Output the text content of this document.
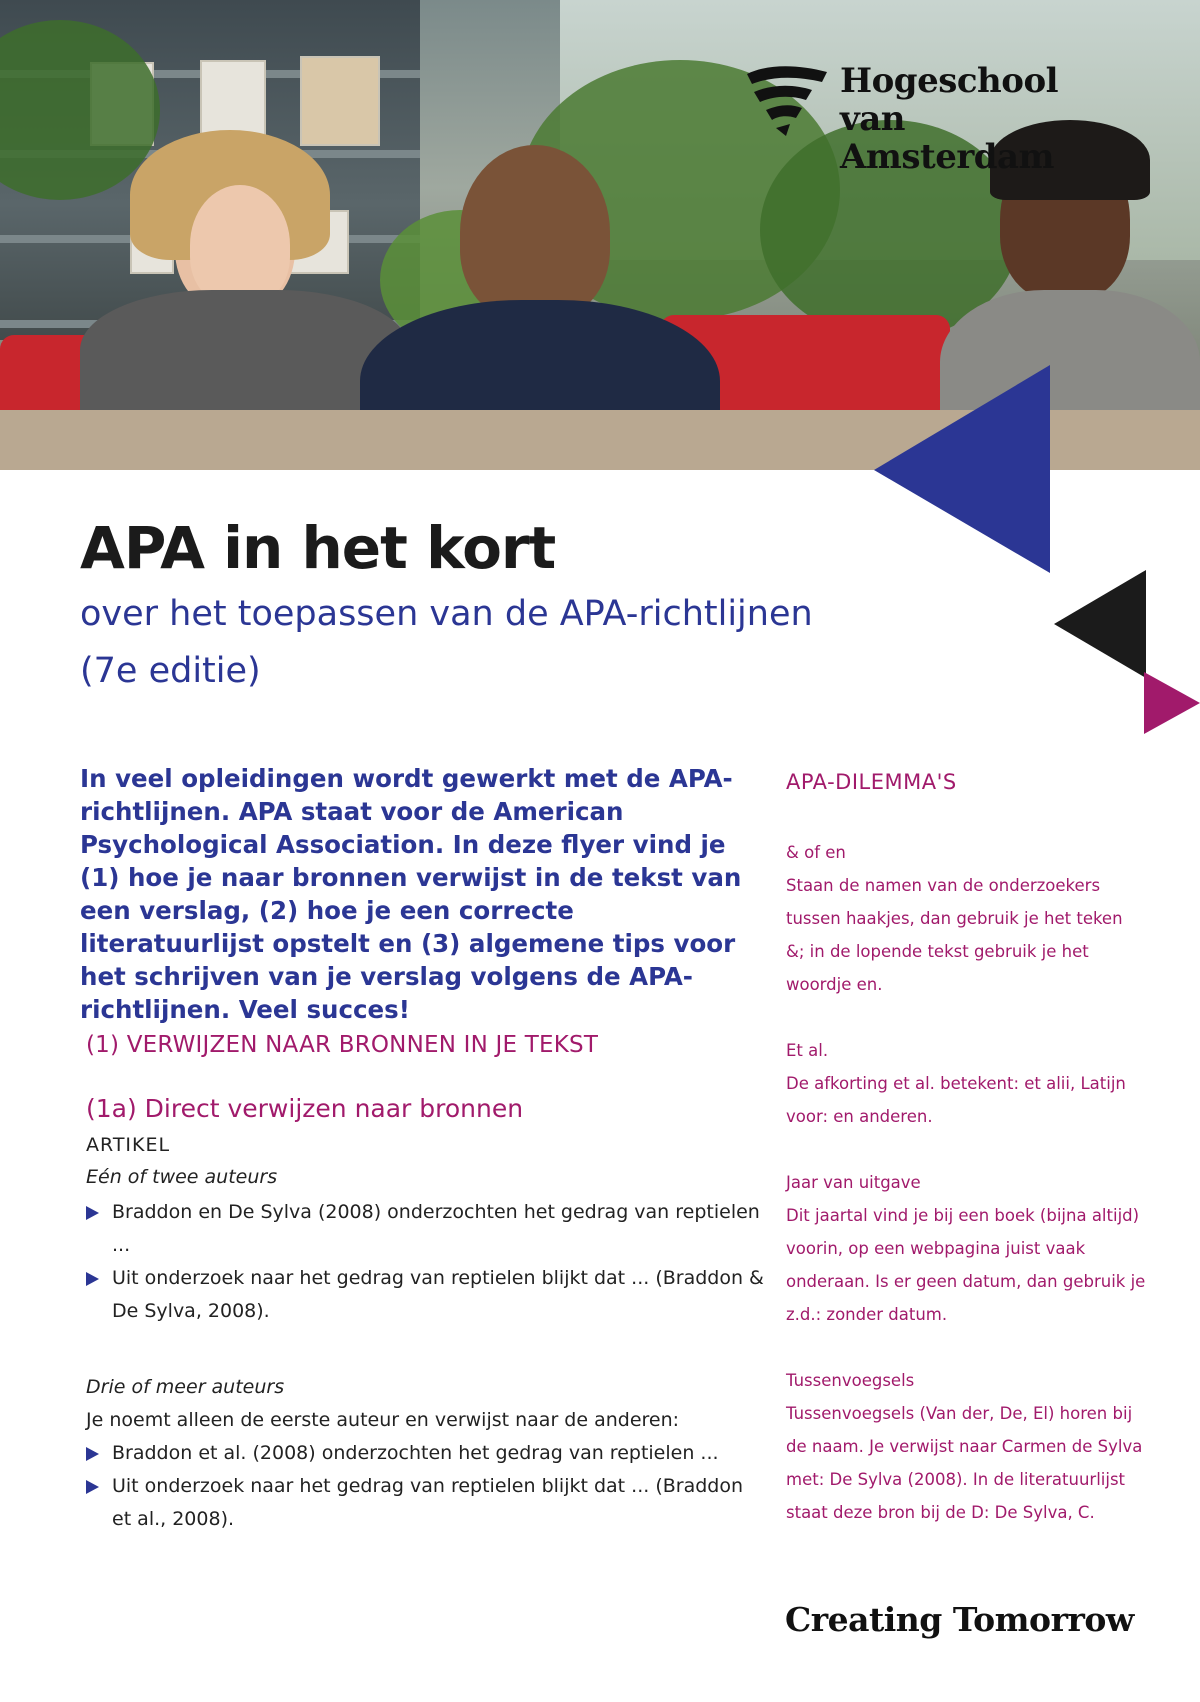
Hogeschool
van Amsterdam
APA in het kort
over het toepassen van de APA-richtlijnen (7e editie)
In veel opleidingen wordt gewerkt met de APA-richtlijnen. APA staat voor de American Psychological Association. In deze flyer vind je (1) hoe je naar bronnen verwijst in de tekst van een verslag, (2) hoe je een correcte literatuurlijst opstelt en (3) algemene tips voor het schrijven van je verslag volgens de APA-richtlijnen. Veel succes!
(1) VERWIJZEN NAAR BRONNEN IN JE TEKST
(1a) Direct verwijzen naar bronnen
ARTIKEL
Eén of twee auteurs
Braddon en De Sylva (2008) onderzochten het gedrag van reptielen ...
Uit onderzoek naar het gedrag van reptielen blijkt dat ... (Braddon & De Sylva, 2008).
Drie of meer auteurs
Je noemt alleen de eerste auteur en verwijst naar de anderen:
Braddon et al. (2008) onderzochten het gedrag van reptielen ...
Uit onderzoek naar het gedrag van reptielen blijkt dat ... (Braddon et al., 2008).
APA-DILEMMA'S
& of en
Staan de namen van de onderzoekers tussen haakjes, dan gebruik je het teken &; in de lopende tekst gebruik je het woordje en.
Et al.
De afkorting et al. betekent: et alii, Latijn voor: en anderen.
Jaar van uitgave
Dit jaartal vind je bij een boek (bijna altijd) voorin, op een webpagina juist vaak onderaan. Is er geen datum, dan gebruik je z.d.: zonder datum.
Tussenvoegsels
Tussenvoegsels (Van der, De, El) horen bij de naam. Je verwijst naar Carmen de Sylva met: De Sylva (2008). In de literatuurlijst staat deze bron bij de D: De Sylva, C.
Creating Tomorrow
